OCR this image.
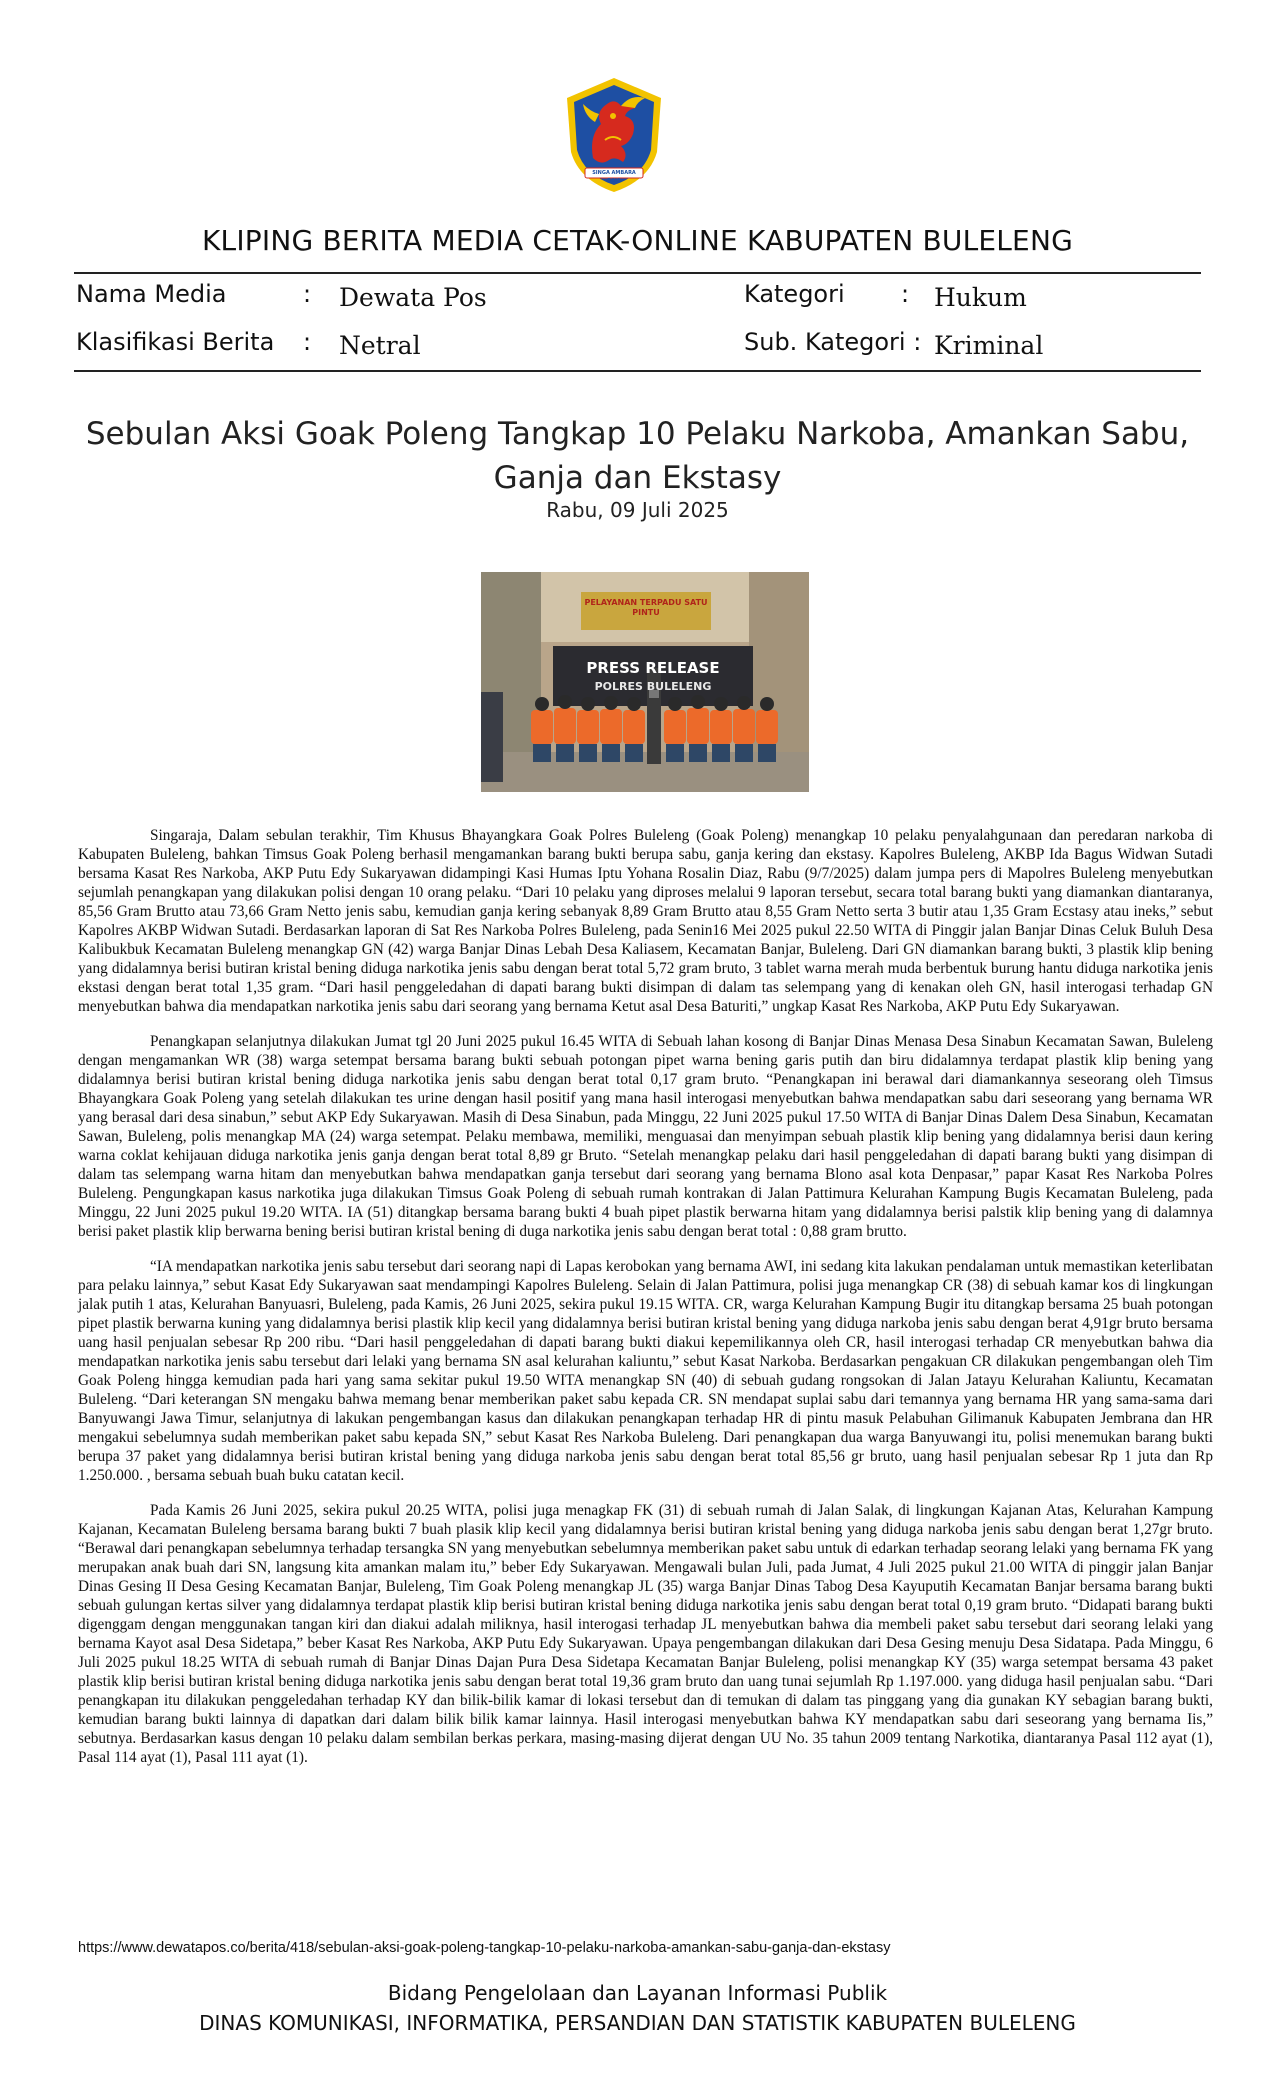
SINGA AMBARA RAJA
KLIPING BERITA MEDIA CETAK-ONLINE KABUPATEN BULELENG
Nama Media	: Dewata Pos
Klasifikasi Berita : Netral
Kategori : Hukum
Sub. Kategori : Kriminal
Sebulan Aksi Goak Poleng Tangkap 10 Pelaku Narkoba, Amankan Sabu, Ganja dan Ekstasy
Rabu, 09 Juli 2025
PELAYANAN TERPADU SATU PINTU
PRESS RELEASE
POLRES BULELENG

Singaraja, Dalam sebulan terakhir, Tim Khusus Bhayangkara Goak Polres Buleleng (Goak Poleng) menangkap 10 pelaku penyalahgunaan dan peredaran narkoba di Kabupaten Buleleng, bahkan Timsus Goak Poleng berhasil mengamankan barang bukti berupa sabu, ganja kering dan ekstasy. Kapolres Buleleng, AKBP Ida Bagus Widwan Sutadi bersama Kasat Res Narkoba, AKP Putu Edy Sukaryawan didampingi Kasi Humas Iptu Yohana Rosalin Diaz, Rabu (9/7/2025) dalam jumpa pers di Mapolres Buleleng menyebutkan sejumlah penangkapan yang dilakukan polisi dengan 10 orang pelaku. “Dari 10 pelaku yang diproses melalui 9 laporan tersebut, secara total barang bukti yang diamankan diantaranya, 85,56 Gram Brutto atau 73,66 Gram Netto jenis sabu, kemudian ganja kering sebanyak 8,89 Gram Brutto atau 8,55 Gram Netto serta 3 butir atau 1,35 Gram Ecstasy atau ineks,” sebut Kapolres AKBP Widwan Sutadi. Berdasarkan laporan di Sat Res Narkoba Polres Buleleng, pada Senin16 Mei 2025 pukul 22.50 WITA di Pinggir jalan Banjar Dinas Celuk Buluh Desa Kalibukbuk Kecamatan Buleleng menangkap GN (42) warga Banjar Dinas Lebah Desa Kaliasem, Kecamatan Banjar, Buleleng. Dari GN diamankan barang bukti, 3 plastik klip bening yang didalamnya berisi butiran kristal bening diduga narkotika jenis sabu dengan berat total 5,72 gram bruto, 3 tablet warna merah muda berbentuk burung hantu diduga narkotika jenis ekstasi dengan berat total 1,35 gram. “Dari hasil penggeledahan di dapati barang bukti disimpan di dalam tas selempang yang di kenakan oleh GN, hasil interogasi terhadap GN menyebutkan bahwa dia mendapatkan narkotika jenis sabu dari seorang yang bernama Ketut asal Desa Baturiti,” ungkap Kasat Res Narkoba, AKP Putu Edy Sukaryawan.

Penangkapan selanjutnya dilakukan Jumat tgl 20 Juni 2025 pukul 16.45 WITA di Sebuah lahan kosong di Banjar Dinas Menasa Desa Sinabun Kecamatan Sawan, Buleleng dengan mengamankan WR (38) warga setempat bersama barang bukti sebuah potongan pipet warna bening garis putih dan biru didalamnya terdapat plastik klip bening yang didalamnya berisi butiran kristal bening diduga narkotika jenis sabu dengan berat total 0,17 gram bruto. “Penangkapan ini berawal dari diamankannya seseorang oleh Timsus Bhayangkara Goak Poleng yang setelah dilakukan tes urine dengan hasil positif yang mana hasil interogasi menyebutkan bahwa mendapatkan sabu dari seseorang yang bernama WR yang berasal dari desa sinabun,” sebut AKP Edy Sukaryawan. Masih di Desa Sinabun, pada Minggu, 22 Juni 2025 pukul 17.50 WITA di Banjar Dinas Dalem Desa Sinabun, Kecamatan Sawan, Buleleng, polis menangkap MA (24) warga setempat. Pelaku membawa, memiliki, menguasai dan menyimpan sebuah plastik klip bening yang didalamnya berisi daun kering warna coklat kehijauan diduga narkotika jenis ganja dengan berat total 8,89 gr Bruto. “Setelah menangkap pelaku dari hasil penggeledahan di dapati barang bukti yang disimpan di dalam tas selempang warna hitam dan menyebutkan bahwa mendapatkan ganja tersebut dari seorang yang bernama Blono asal kota Denpasar,” papar Kasat Res Narkoba Polres Buleleng. Pengungkapan kasus narkotika juga dilakukan Timsus Goak Poleng di sebuah rumah kontrakan di Jalan Pattimura Kelurahan Kampung Bugis Kecamatan Buleleng, pada Minggu, 22 Juni 2025 pukul 19.20 WITA. IA (51) ditangkap bersama barang bukti 4 buah pipet plastik berwarna hitam yang didalamnya berisi palstik klip bening yang di dalamnya berisi paket plastik klip berwarna bening berisi butiran kristal bening di duga narkotika jenis sabu dengan berat total : 0,88 gram brutto.

“IA mendapatkan narkotika jenis sabu tersebut dari seorang napi di Lapas kerobokan yang bernama AWI, ini sedang kita lakukan pendalaman untuk memastikan keterlibatan para pelaku lainnya,” sebut Kasat Edy Sukaryawan saat mendampingi Kapolres Buleleng. Selain di Jalan Pattimura, polisi juga menangkap CR (38) di sebuah kamar kos di lingkungan jalak putih 1 atas, Kelurahan Banyuasri, Buleleng, pada Kamis, 26 Juni 2025, sekira pukul 19.15 WITA. CR, warga Kelurahan Kampung Bugir itu ditangkap bersama 25 buah potongan pipet plastik berwarna kuning yang didalamnya berisi plastik klip kecil yang didalamnya berisi butiran kristal bening yang diduga narkoba jenis sabu dengan berat 4,91gr bruto bersama uang hasil penjualan sebesar Rp 200 ribu. “Dari hasil penggeledahan di dapati barang bukti diakui kepemilikannya oleh CR, hasil interogasi terhadap CR menyebutkan bahwa dia mendapatkan narkotika jenis sabu tersebut dari lelaki yang bernama SN asal kelurahan kaliuntu,” sebut Kasat Narkoba. Berdasarkan pengakuan CR dilakukan pengembangan oleh Tim Goak Poleng hingga kemudian pada hari yang sama sekitar pukul 19.50 WITA menangkap SN (40) di sebuah gudang rongsokan di Jalan Jatayu Kelurahan Kaliuntu, Kecamatan Buleleng. “Dari keterangan SN mengaku bahwa memang benar memberikan paket sabu kepada CR. SN mendapat suplai sabu dari temannya yang bernama HR yang sama-sama dari Banyuwangi Jawa Timur, selanjutnya di lakukan pengembangan kasus dan dilakukan penangkapan terhadap HR di pintu masuk Pelabuhan Gilimanuk Kabupaten Jembrana dan HR mengakui sebelumnya sudah memberikan paket sabu kepada SN,” sebut Kasat Res Narkoba Buleleng. Dari penangkapan dua warga Banyuwangi itu, polisi menemukan barang bukti berupa 37 paket yang didalamnya berisi butiran kristal bening yang diduga narkoba jenis sabu dengan berat total 85,56 gr bruto, uang hasil penjualan sebesar Rp 1 juta dan Rp 1.250.000. , bersama sebuah buah buku catatan kecil.

Pada Kamis 26 Juni 2025, sekira pukul 20.25 WITA, polisi juga menagkap FK (31) di sebuah rumah di Jalan Salak, di lingkungan Kajanan Atas, Kelurahan Kampung Kajanan, Kecamatan Buleleng bersama barang bukti 7 buah plasik klip kecil yang didalamnya berisi butiran kristal bening yang diduga narkoba jenis sabu dengan berat 1,27gr bruto. “Berawal dari penangkapan sebelumnya terhadap tersangka SN yang menyebutkan sebelumnya memberikan paket sabu untuk di edarkan terhadap seorang lelaki yang bernama FK yang merupakan anak buah dari SN, langsung kita amankan malam itu,” beber Edy Sukaryawan. Mengawali bulan Juli, pada Jumat, 4 Juli 2025 pukul 21.00 WITA di pinggir jalan Banjar Dinas Gesing II Desa Gesing Kecamatan Banjar, Buleleng, Tim Goak Poleng menangkap JL (35) warga Banjar Dinas Tabog Desa Kayuputih Kecamatan Banjar bersama barang bukti sebuah gulungan kertas silver yang didalamnya terdapat plastik klip berisi butiran kristal bening diduga narkotika jenis sabu dengan berat total 0,19 gram bruto. “Didapati barang bukti digenggam dengan menggunakan tangan kiri dan diakui adalah miliknya, hasil interogasi terhadap JL menyebutkan bahwa dia membeli paket sabu tersebut dari seorang lelaki yang bernama Kayot asal Desa Sidetapa,” beber Kasat Res Narkoba, AKP Putu Edy Sukaryawan. Upaya pengembangan dilakukan dari Desa Gesing menuju Desa Sidatapa. Pada Minggu, 6 Juli 2025 pukul 18.25 WITA di sebuah rumah di Banjar Dinas Dajan Pura Desa Sidetapa Kecamatan Banjar Buleleng, polisi menangkap KY (35) warga setempat bersama 43 paket plastik klip berisi butiran kristal bening diduga narkotika jenis sabu dengan berat total 19,36 gram bruto dan uang tunai sejumlah Rp 1.197.000. yang diduga hasil penjualan sabu. “Dari penangkapan itu dilakukan penggeledahan terhadap KY dan bilik-bilik kamar di lokasi tersebut dan di temukan di dalam tas pinggang yang dia gunakan KY sebagian barang bukti, kemudian barang bukti lainnya di dapatkan dari dalam bilik bilik kamar lainnya. Hasil interogasi menyebutkan bahwa KY mendapatkan sabu dari seseorang yang bernama Iis,” sebutnya. Berdasarkan kasus dengan 10 pelaku dalam sembilan berkas perkara, masing-masing dijerat dengan UU No. 35 tahun 2009 tentang Narkotika, diantaranya Pasal 112 ayat (1), Pasal 114 ayat (1), Pasal 111 ayat (1).

https://www.dewatapos.co/berita/418/sebulan-aksi-goak-poleng-tangkap-10-pelaku-narkoba-amankan-sabu-ganja-dan-ekstasy
Bidang Pengelolaan dan Layanan Informasi Publik
DINAS KOMUNIKASI, INFORMATIKA, PERSANDIAN DAN STATISTIK KABUPATEN BULELENG
